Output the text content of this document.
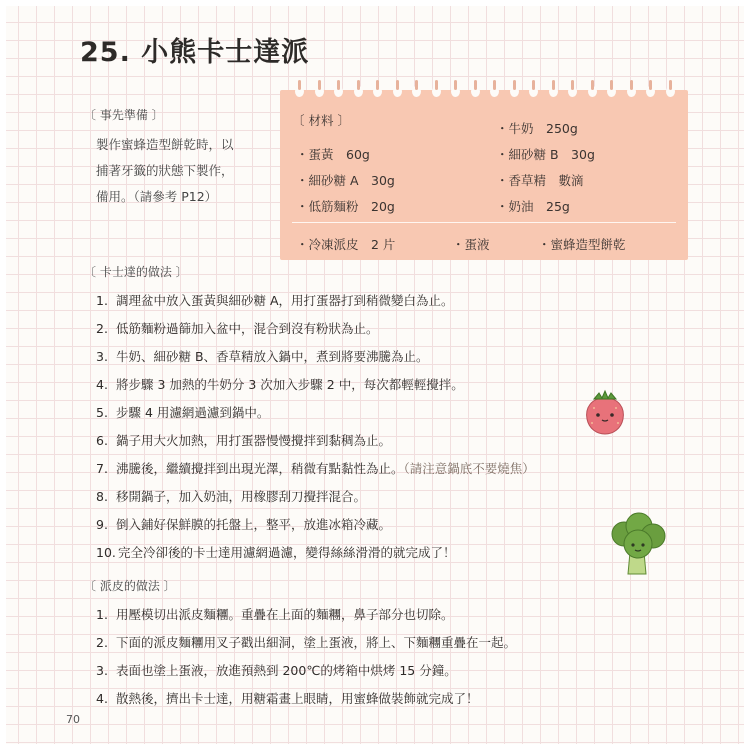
25. 小熊卡士達派
〔 事先準備 〕
製作蜜蜂造型餅乾時，以
捕著牙籤的狀態下製作，
備用。（請參考 P12）
〔 材料 〕
・蛋黃　60g
・細砂糖 A　30g
・低筋麵粉　20g
・牛奶　250g
・細砂糖 B　30g
・香草精　數滴
・奶油　25g
・冷凍派皮　2 片	・蛋液	・蜜蜂造型餅乾
〔 卡士達的做法 〕
1. 調理盆中放入蛋黃與細砂糖 A，用打蛋器打到稍微變白為止。
2. 低筋麵粉過篩加入盆中，混合到沒有粉狀為止。
3. 牛奶、細砂糖 B、香草精放入鍋中，煮到將要沸騰為止。
4. 將步驟 3 加熱的牛奶分 3 次加入步驟 2 中，每次都輕輕攪拌。
5. 步驟 4 用濾網過濾到鍋中。
6. 鍋子用大火加熱，用打蛋器慢慢攪拌到黏稠為止。
7. 沸騰後，繼續攪拌到出現光澤，稍微有點黏性為止。（請注意鍋底不要燒焦）
8. 移開鍋子，加入奶油，用橡膠刮刀攪拌混合。
9. 倒入鋪好保鮮膜的托盤上，整平，放進冰箱冷藏。
10. 完全冷卻後的卡士達用濾網過濾，變得絲絲滑滑的就完成了！
〔 派皮的做法 〕
1. 用壓模切出派皮麵糰。重疊在上面的麵糰，鼻子部分也切除。
2. 下面的派皮麵糰用叉子戳出細洞，塗上蛋液，將上、下麵糰重疊在一起。
3. 表面也塗上蛋液，放進預熱到 200℃的烤箱中烘烤 15 分鐘。
4. 散熱後，擠出卡士達，用糖霜畫上眼睛，用蜜蜂做裝飾就完成了！
70
